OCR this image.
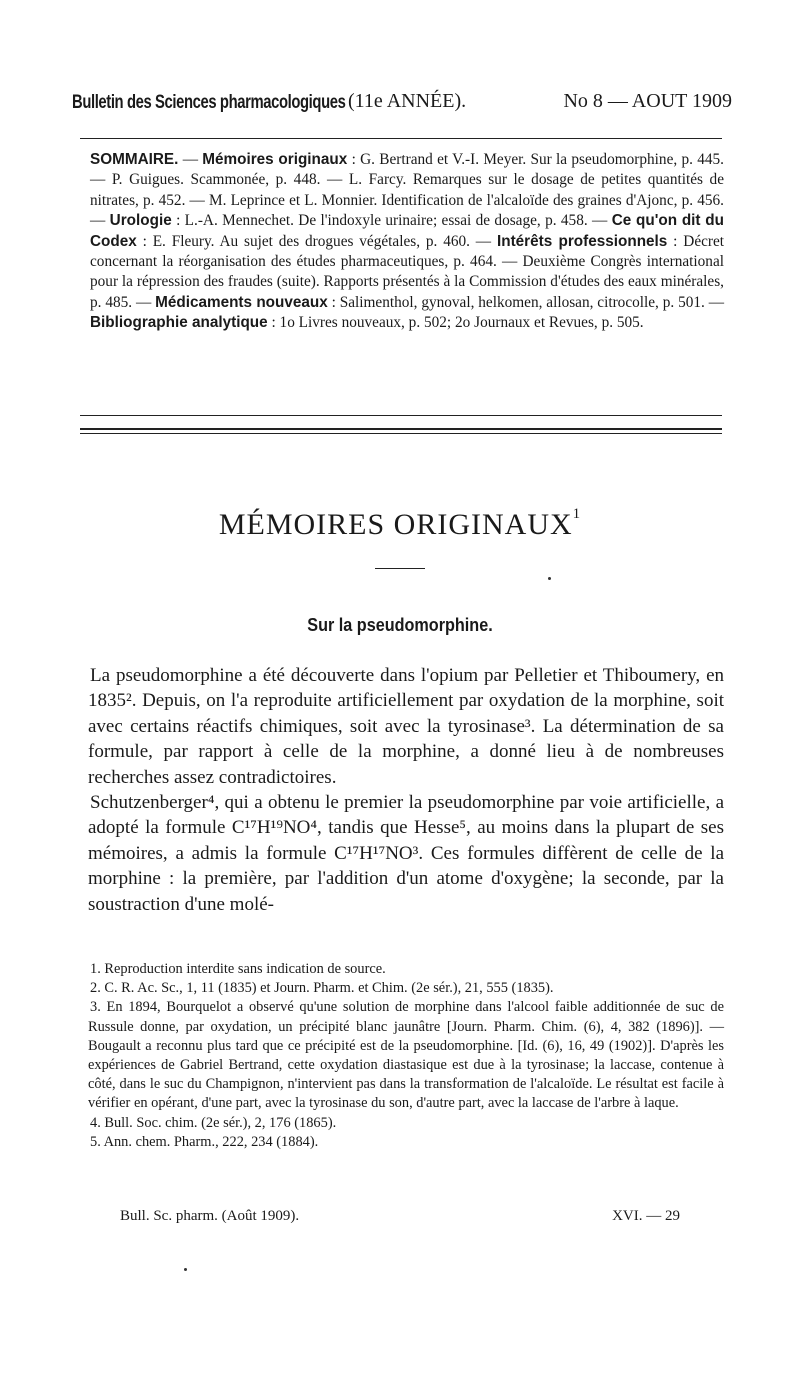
Bulletin des Sciences pharmacologiques (11e ANNÉE).	No 8 — AOUT 1909
SOMMAIRE. — Mémoires originaux : G. Bertrand et V.-I. Meyer. Sur la pseudomorphine, p. 445. — P. Guigues. Scammonée, p. 448. — L. Farcy. Remarques sur le dosage de petites quantités de nitrates, p. 452. — M. Leprince et L. Monnier. Identification de l'alcaloïde des graines d'Ajonc, p. 456. — Urologie : L.-A. Mennechet. De l'indoxyle urinaire; essai de dosage, p. 458. — Ce qu'on dit du Codex : E. Fleury. Au sujet des drogues végétales, p. 460. — Intérêts professionnels : Décret concernant la réorganisation des études pharmaceutiques, p. 464. — Deuxième Congrès international pour la répression des fraudes (suite). Rapports présentés à la Commission d'études des eaux minérales, p. 485. — Médicaments nouveaux : Salimenthol, gynoval, helkomen, allosan, citrocolle, p. 501. — Bibliographie analytique : 1o Livres nouveaux, p. 502; 2o Journaux et Revues, p. 505.
MÉMOIRES ORIGINAUX$^1$
Sur la pseudomorphine.

La pseudomorphine a été découverte dans l'opium par Pelletier et Thiboumery, en 1835². Depuis, on l'a reproduite artificiellement par oxydation de la morphine, soit avec certains réactifs chimiques, soit avec la tyrosinase³. La détermination de sa formule, par rapport à celle de la morphine, a donné lieu à de nombreuses recherches assez contradictoires.

Schutzenberger⁴, qui a obtenu le premier la pseudomorphine par voie artificielle, a adopté la formule C¹⁷H¹⁹NO⁴, tandis que Hesse⁵, au moins dans la plupart de ses mémoires, a admis la formule C¹⁷H¹⁷NO³. Ces formules diffèrent de celle de la morphine : la première, par l'addition d'un atome d'oxygène; la seconde, par la soustraction d'une molé-

1. Reproduction interdite sans indication de source.

2. C. R. Ac. Sc., 1, 11 (1835) et Journ. Pharm. et Chim. (2e sér.), 21, 555 (1835).

3. En 1894, Bourquelot a observé qu'une solution de morphine dans l'alcool faible additionnée de suc de Russule donne, par oxydation, un précipité blanc jaunâtre [Journ. Pharm. Chim. (6), 4, 382 (1896)]. — Bougault a reconnu plus tard que ce précipité est de la pseudomorphine. [Id. (6), 16, 49 (1902)]. D'après les expériences de Gabriel Bertrand, cette oxydation diastasique est due à la tyrosinase; la laccase, contenue à côté, dans le suc du Champignon, n'intervient pas dans la transformation de l'alcaloïde. Le résultat est facile à vérifier en opérant, d'une part, avec la tyrosinase du son, d'autre part, avec la laccase de l'arbre à laque.

4. Bull. Soc. chim. (2e sér.), 2, 176 (1865).

5. Ann. chem. Pharm., 222, 234 (1884).

Bull. Sc. pharm. (Août 1909).	XVI. — 29
